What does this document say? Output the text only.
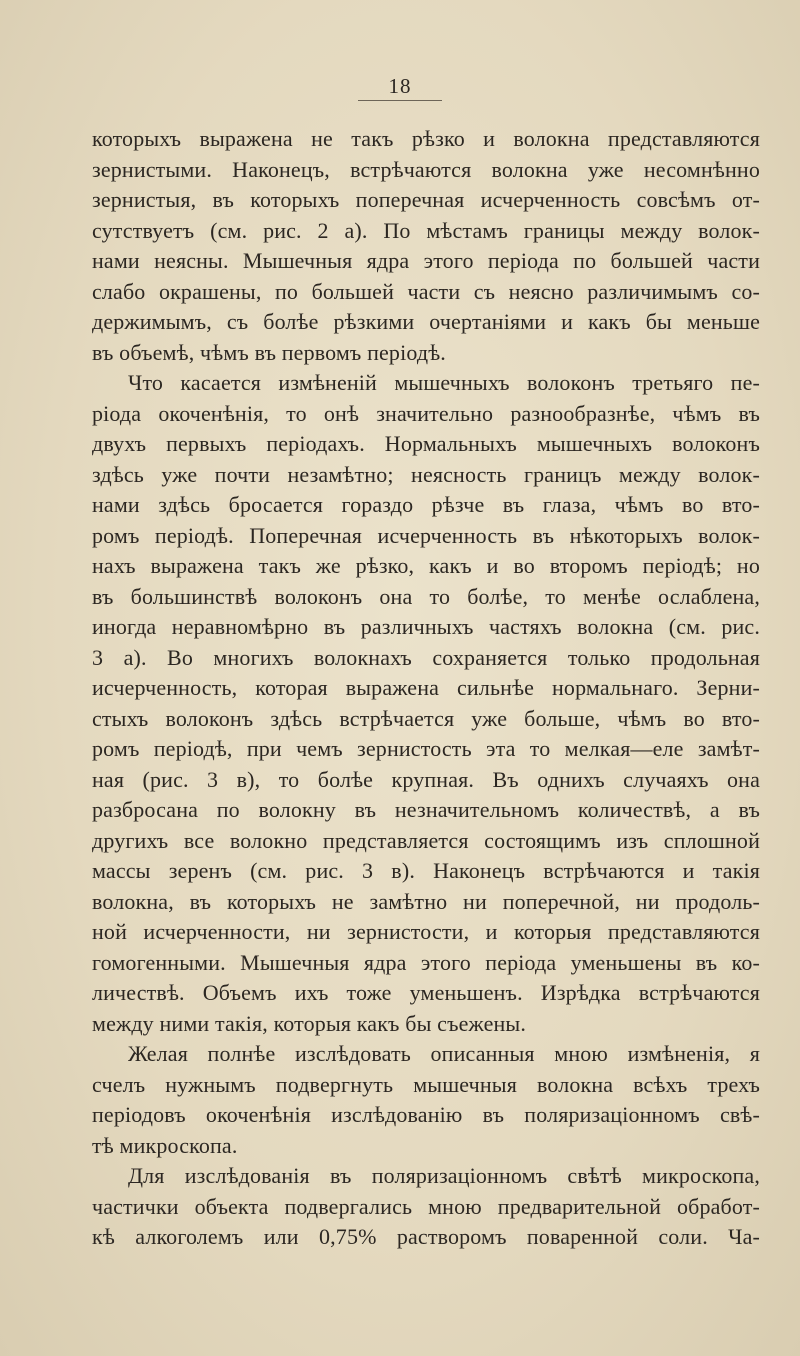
18
которыхъ выражена не такъ рѣзко и волокна представляются
зернистыми. Наконецъ, встрѣчаются волокна уже несомнѣнно
зернистыя, въ которыхъ поперечная исчерченность совсѣмъ от-
сутствуетъ (см. рис. 2 а). По мѣстамъ границы между волок-
нами неясны. Мышечныя ядра этого періода по большей части
слабо окрашены, по большей части съ неясно различимымъ со-
держимымъ, съ болѣе рѣзкими очертаніями и какъ бы меньше
въ объемѣ, чѣмъ въ первомъ періодѣ.
Что касается измѣненій мышечныхъ волоконъ третьяго пе-
ріода окоченѣнія, то онѣ значительно разнообразнѣе, чѣмъ въ
двухъ первыхъ періодахъ. Нормальныхъ мышечныхъ волоконъ
здѣсь уже почти незамѣтно; неясность границъ между волок-
нами здѣсь бросается гораздо рѣзче въ глаза, чѣмъ во вто-
ромъ періодѣ. Поперечная исчерченность въ нѣкоторыхъ волок-
нахъ выражена такъ же рѣзко, какъ и во второмъ періодѣ; но
въ большинствѣ волоконъ она то болѣе, то менѣе ослаблена,
иногда неравномѣрно въ различныхъ частяхъ волокна (см. рис.
3 а). Во многихъ волокнахъ сохраняется только продольная
исчерченность, которая выражена сильнѣе нормальнаго. Зерни-
стыхъ волоконъ здѣсь встрѣчается уже больше, чѣмъ во вто-
ромъ періодѣ, при чемъ зернистость эта то мелкая—еле замѣт-
ная (рис. 3 в), то болѣе крупная. Въ однихъ случаяхъ она
разбросана по волокну въ незначительномъ количествѣ, а въ
другихъ все волокно представляется состоящимъ изъ сплошной
массы зеренъ (см. рис. 3 в). Наконецъ встрѣчаются и такія
волокна, въ которыхъ не замѣтно ни поперечной, ни продоль-
ной исчерченности, ни зернистости, и которыя представляются
гомогенными. Мышечныя ядра этого періода уменьшены въ ко-
личествѣ. Объемъ ихъ тоже уменьшенъ. Изрѣдка встрѣчаются
между ними такія, которыя какъ бы съежены.
Желая полнѣе изслѣдовать описанныя мною измѣненія, я
счелъ нужнымъ подвергнуть мышечныя волокна всѣхъ трехъ
періодовъ окоченѣнія изслѣдованію въ поляризаціонномъ свѣ-
тѣ микроскопа.
Для изслѣдованія въ поляризаціонномъ свѣтѣ микроскопа,
частички объекта подвергались мною предварительной обработ-
кѣ алкоголемъ или 0,75% растворомъ поваренной соли. Ча-
